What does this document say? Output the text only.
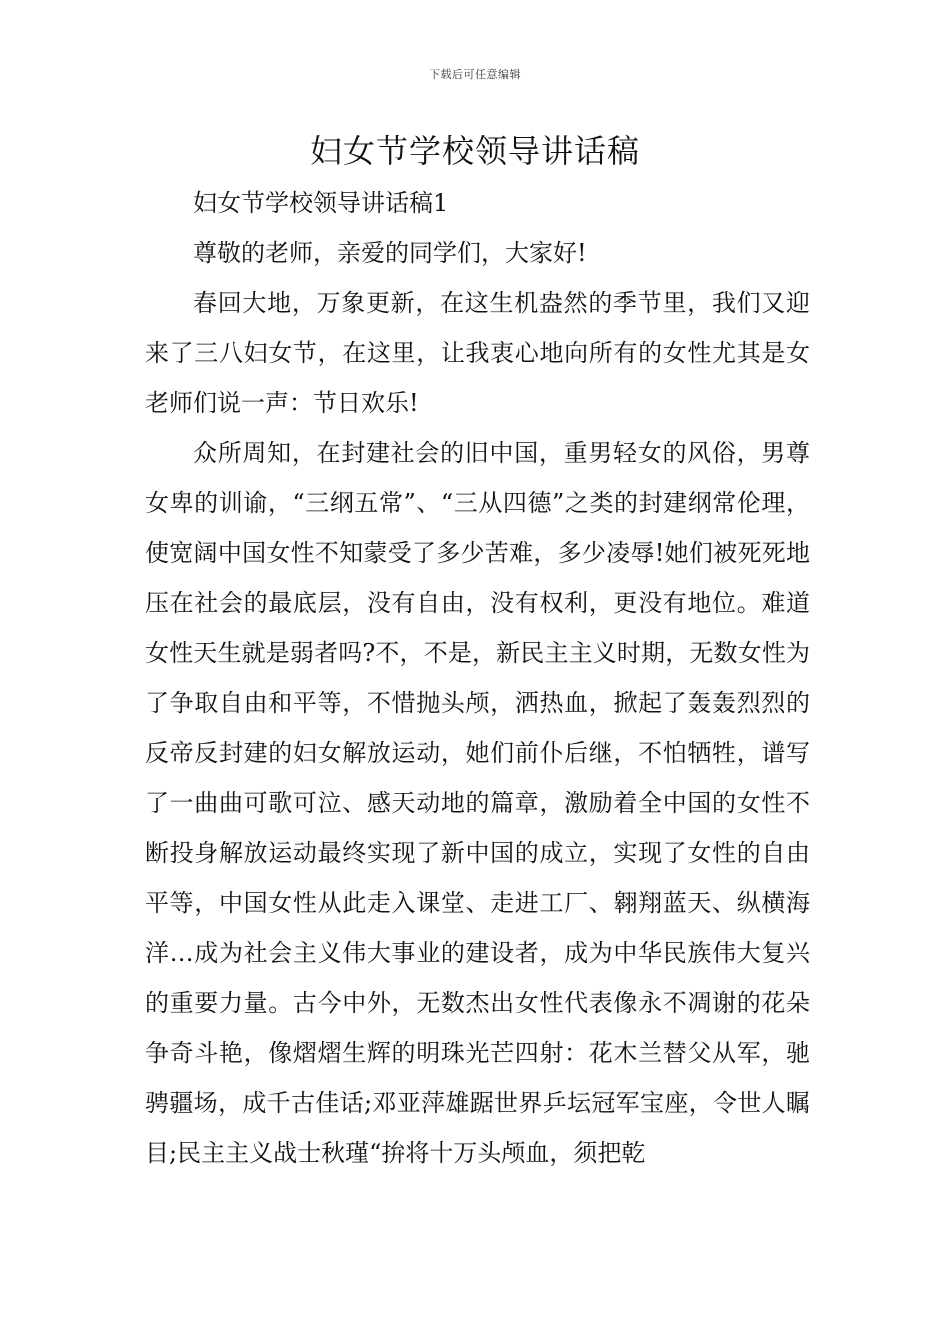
下载后可任意编辑
妇女节学校领导讲话稿

妇女节学校领导讲话稿1

尊敬的老师，亲爱的同学们，大家好!

春回大地，万象更新，在这生机盎然的季节里，我们又迎来了三八妇女节，在这里，让我衷心地向所有的女性尤其是女老师们说一声：节日欢乐!

众所周知，在封建社会的旧中国，重男轻女的风俗，男尊女卑的训谕，“三纲五常”、“三从四德”之类的封建纲常伦理，使宽阔中国女性不知蒙受了多少苦难，多少凌辱!她们被死死地压在社会的最底层，没有自由，没有权利，更没有地位。难道女性天生就是弱者吗?不，不是，新民主主义时期，无数女性为了争取自由和平等，不惜抛头颅，洒热血，掀起了轰轰烈烈的反帝反封建的妇女解放运动，她们前仆后继，不怕牺牲，谱写了一曲曲可歌可泣、感天动地的篇章，激励着全中国的女性不断投身解放运动最终实现了新中国的成立，实现了女性的自由平等，中国女性从此走入课堂、走进工厂、翱翔蓝天、纵横海洋…成为社会主义伟大事业的建设者，成为中华民族伟大复兴的重要力量。古今中外，无数杰出女性代表像永不凋谢的花朵争奇斗艳，像熠熠生辉的明珠光芒四射：花木兰替父从军，驰骋疆场，成千古佳话;邓亚萍雄踞世界乒坛冠军宝座，令世人瞩目;民主主义战士秋瑾“拚将十万头颅血，须把乾
